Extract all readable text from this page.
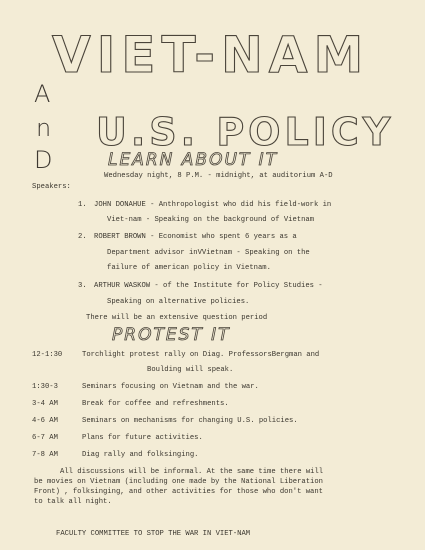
VIET-NAM
A
n
D
U.S. POLICY
LEARN ABOUT IT
Wednesday night, 8 P.M. - midnight, at auditorium A-D
Speakers:
1. JOHN DONAHUE - Anthropologist who did his field-work in
Viet-nam - Speaking on the background of Vietnam
2. ROBERT BROWN - Economist who spent 6 years as a
Department advisor inVVietnam - Speaking on the
failure of american policy in Vietnam.
3. ARTHUR WASKOW - of the Institute for Policy Studies -
Speaking on alternative policies.
There will be an extensive question period
PROTEST IT
12-1:30	Torchlight protest rally on Diag. ProfessorsBergman and
Boulding will speak.
1:30-3	Seminars focusing on Vietnam and the war.
3-4 AM	Break for coffee and refreshments.
4-6 AM	Seminars on mechanisms for changing U.S. policies.
6-7 AM	Plans for future activities.
7-8 AM	Diag rally and folksinging.
All discussions will be informal. At the same time there will
be movies on Vietnam (including one made by the National Liberation
Front) , folksinging, and other activities for those who don't want
to talk all night.
FACULTY COMMITTEE TO STOP THE WAR IN VIET-NAM
